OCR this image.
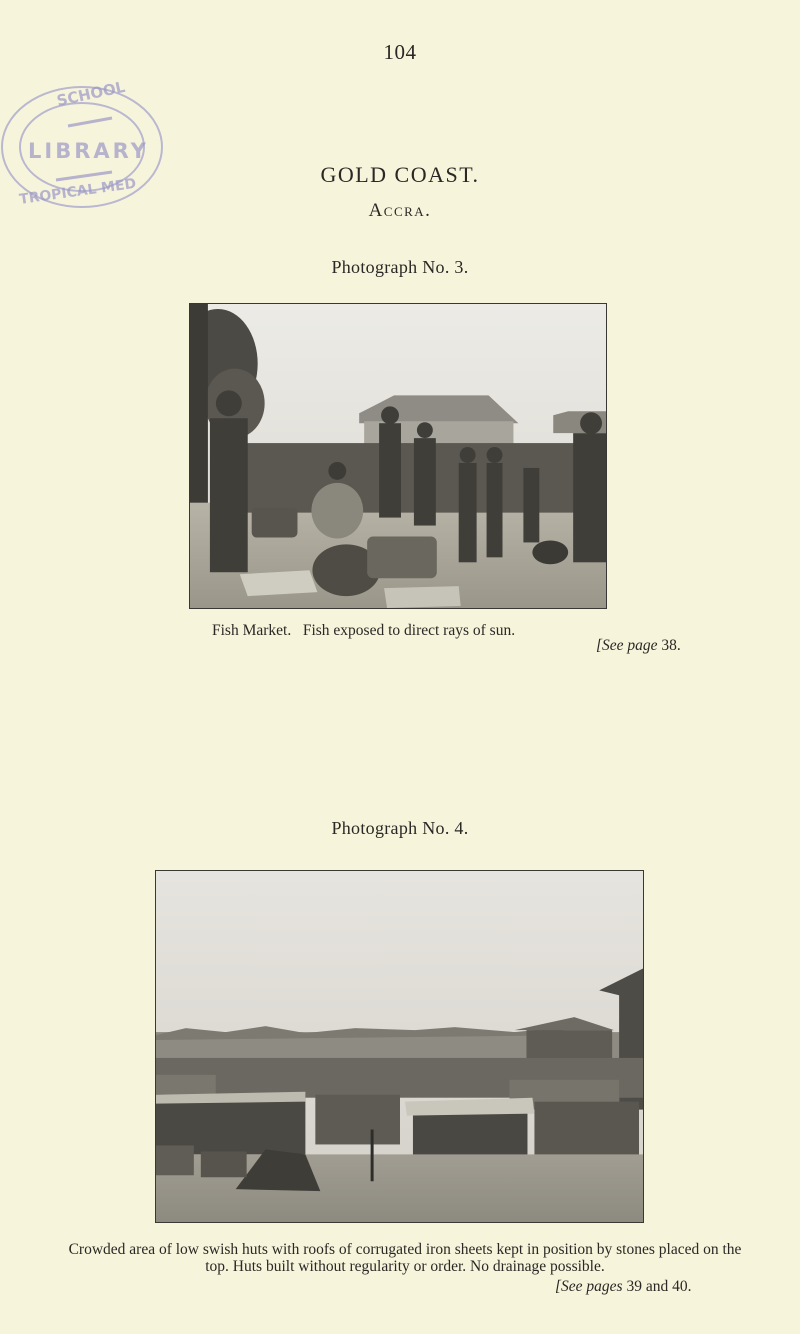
SCHOOL
LIBRARY
TROPICAL MED
104
GOLD COAST.
Accra.
Photograph No. 3.
Fish Market.   Fish exposed to direct rays of sun.
[See page 38.
Photograph No. 4.
Crowded area of low swish huts with roofs of corrugated iron sheets kept in position by stones placed on the top. Huts built without regularity or order. No drainage possible.
[See pages 39 and 40.
